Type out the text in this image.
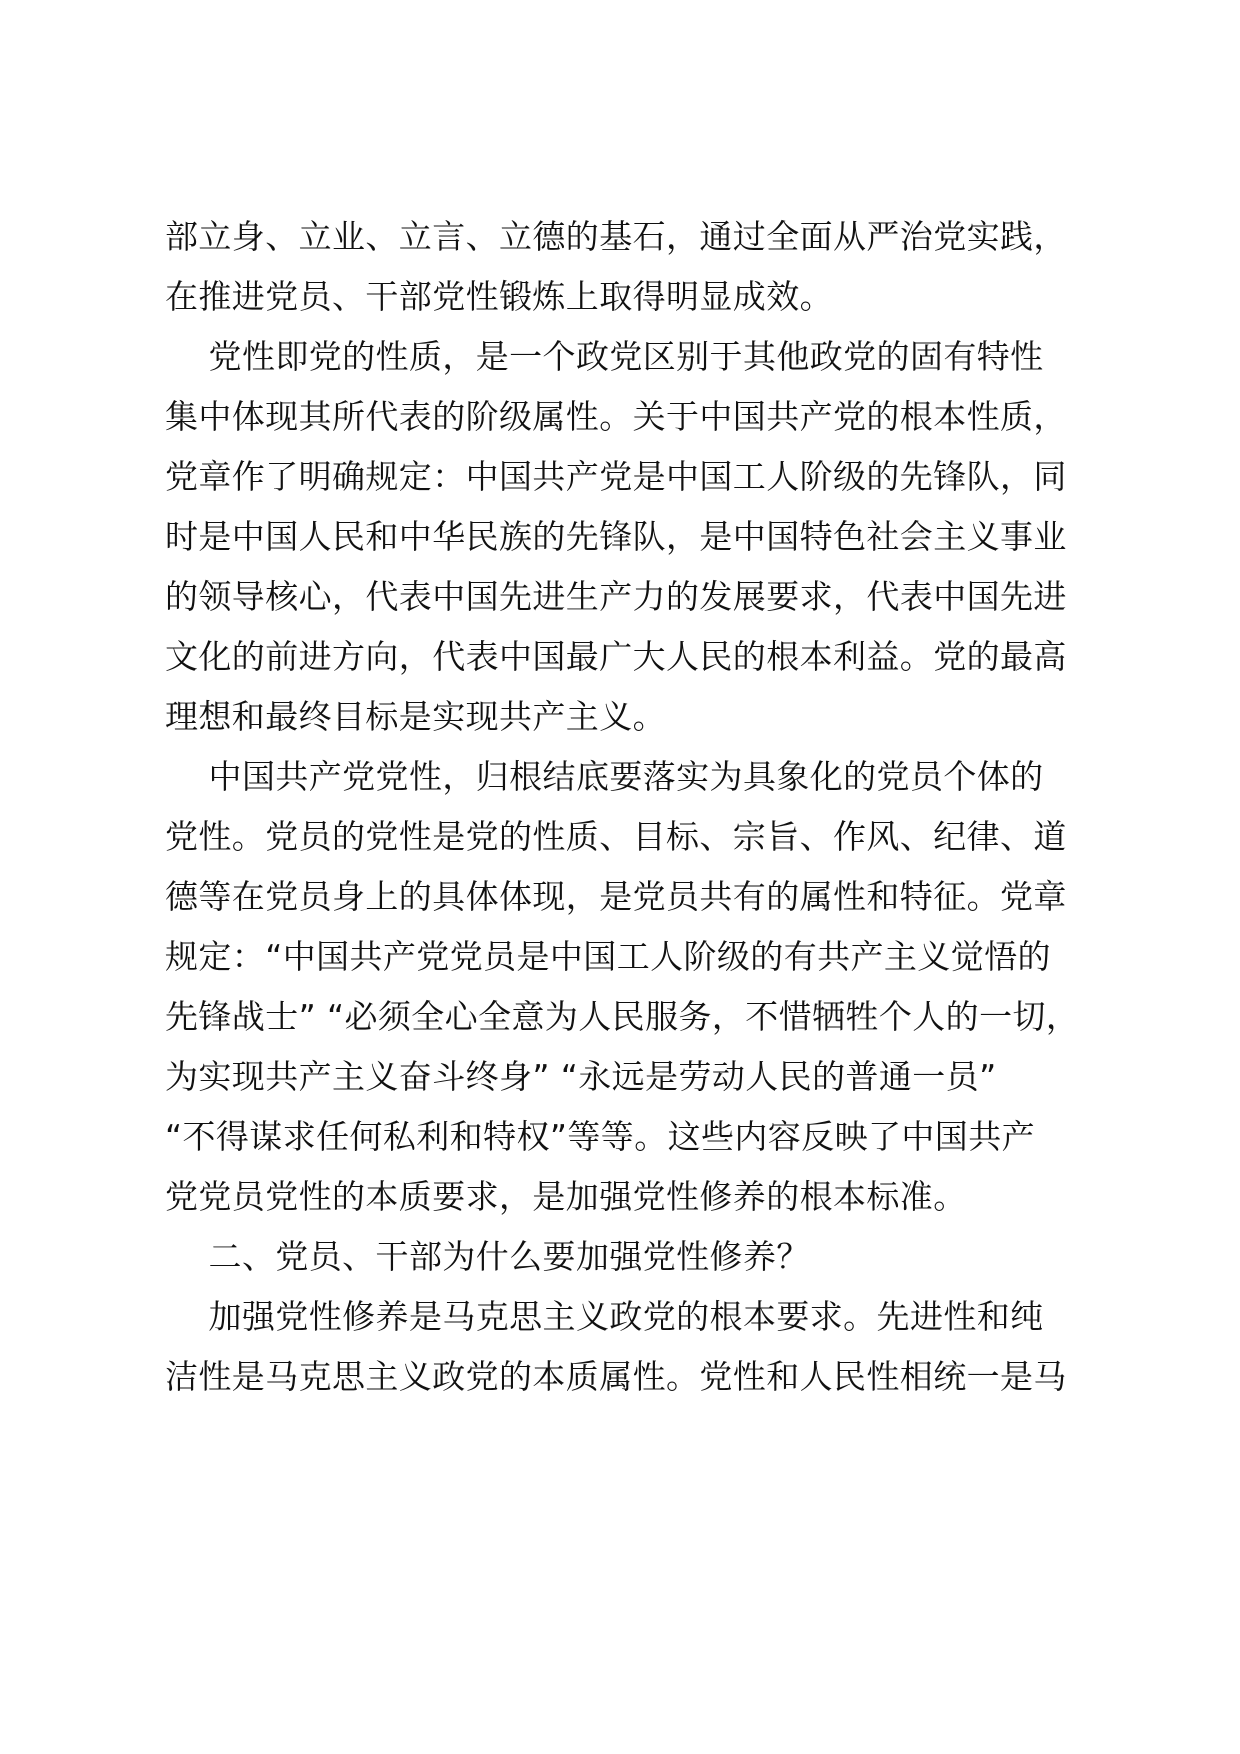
部立身、立业、立言、立德的基石，通过全面从严治党实践，
在推进党员、干部党性锻炼上取得明显成效。
党性即党的性质，是一个政党区别于其他政党的固有特性
集中体现其所代表的阶级属性。关于中国共产党的根本性质，
党章作了明确规定：中国共产党是中国工人阶级的先锋队，同
时是中国人民和中华民族的先锋队，是中国特色社会主义事业
的领导核心，代表中国先进生产力的发展要求，代表中国先进
文化的前进方向，代表中国最广大人民的根本利益。党的最高
理想和最终目标是实现共产主义。
中国共产党党性，归根结底要落实为具象化的党员个体的
党性。党员的党性是党的性质、目标、宗旨、作风、纪律、道
德等在党员身上的具体体现，是党员共有的属性和特征。党章
规定：“中国共产党党员是中国工人阶级的有共产主义觉悟的
先锋战士” “必须全心全意为人民服务，不惜牺牲个人的一切，
为实现共产主义奋斗终身” “永远是劳动人民的普通一员”
“不得谋求任何私利和特权”等等。这些内容反映了中国共产
党党员党性的本质要求，是加强党性修养的根本标准。
二、党员、干部为什么要加强党性修养？
加强党性修养是马克思主义政党的根本要求。先进性和纯
洁性是马克思主义政党的本质属性。党性和人民性相统一是马
